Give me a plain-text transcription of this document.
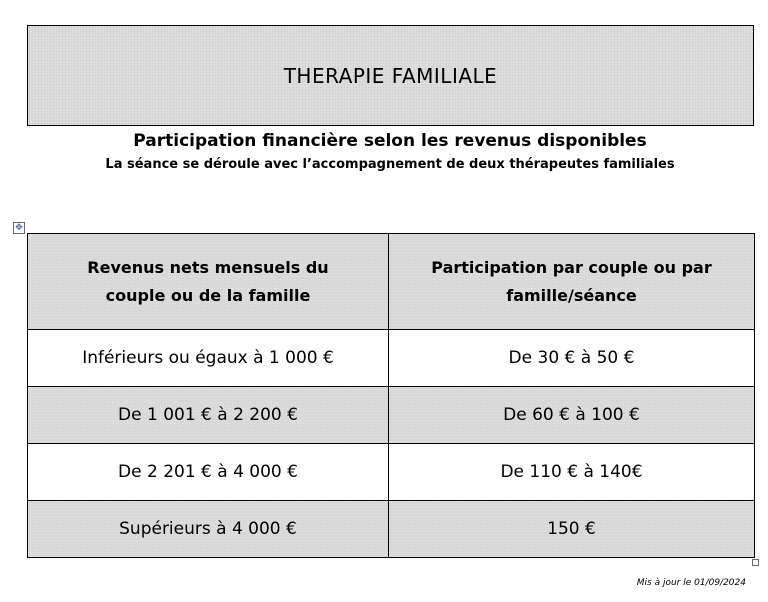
THERAPIE FAMILIALE
Participation financière selon les revenus disponibles
La séance se déroule avec l’accompagnement de deux thérapeutes familiales
✥
Revenus nets mensuels du couple ou de la famille	Participation par couple ou par famille/séance

Inférieurs ou égaux à 1 000 €	De 30 € à 50 €
De 1 001 € à 2 200 €	De 60 € à 100 €
De 2 201 € à 4 000 €	De 110 € à 140€
Supérieurs à 4 000 €	150 €
Mis à jour le 01/09/2024
